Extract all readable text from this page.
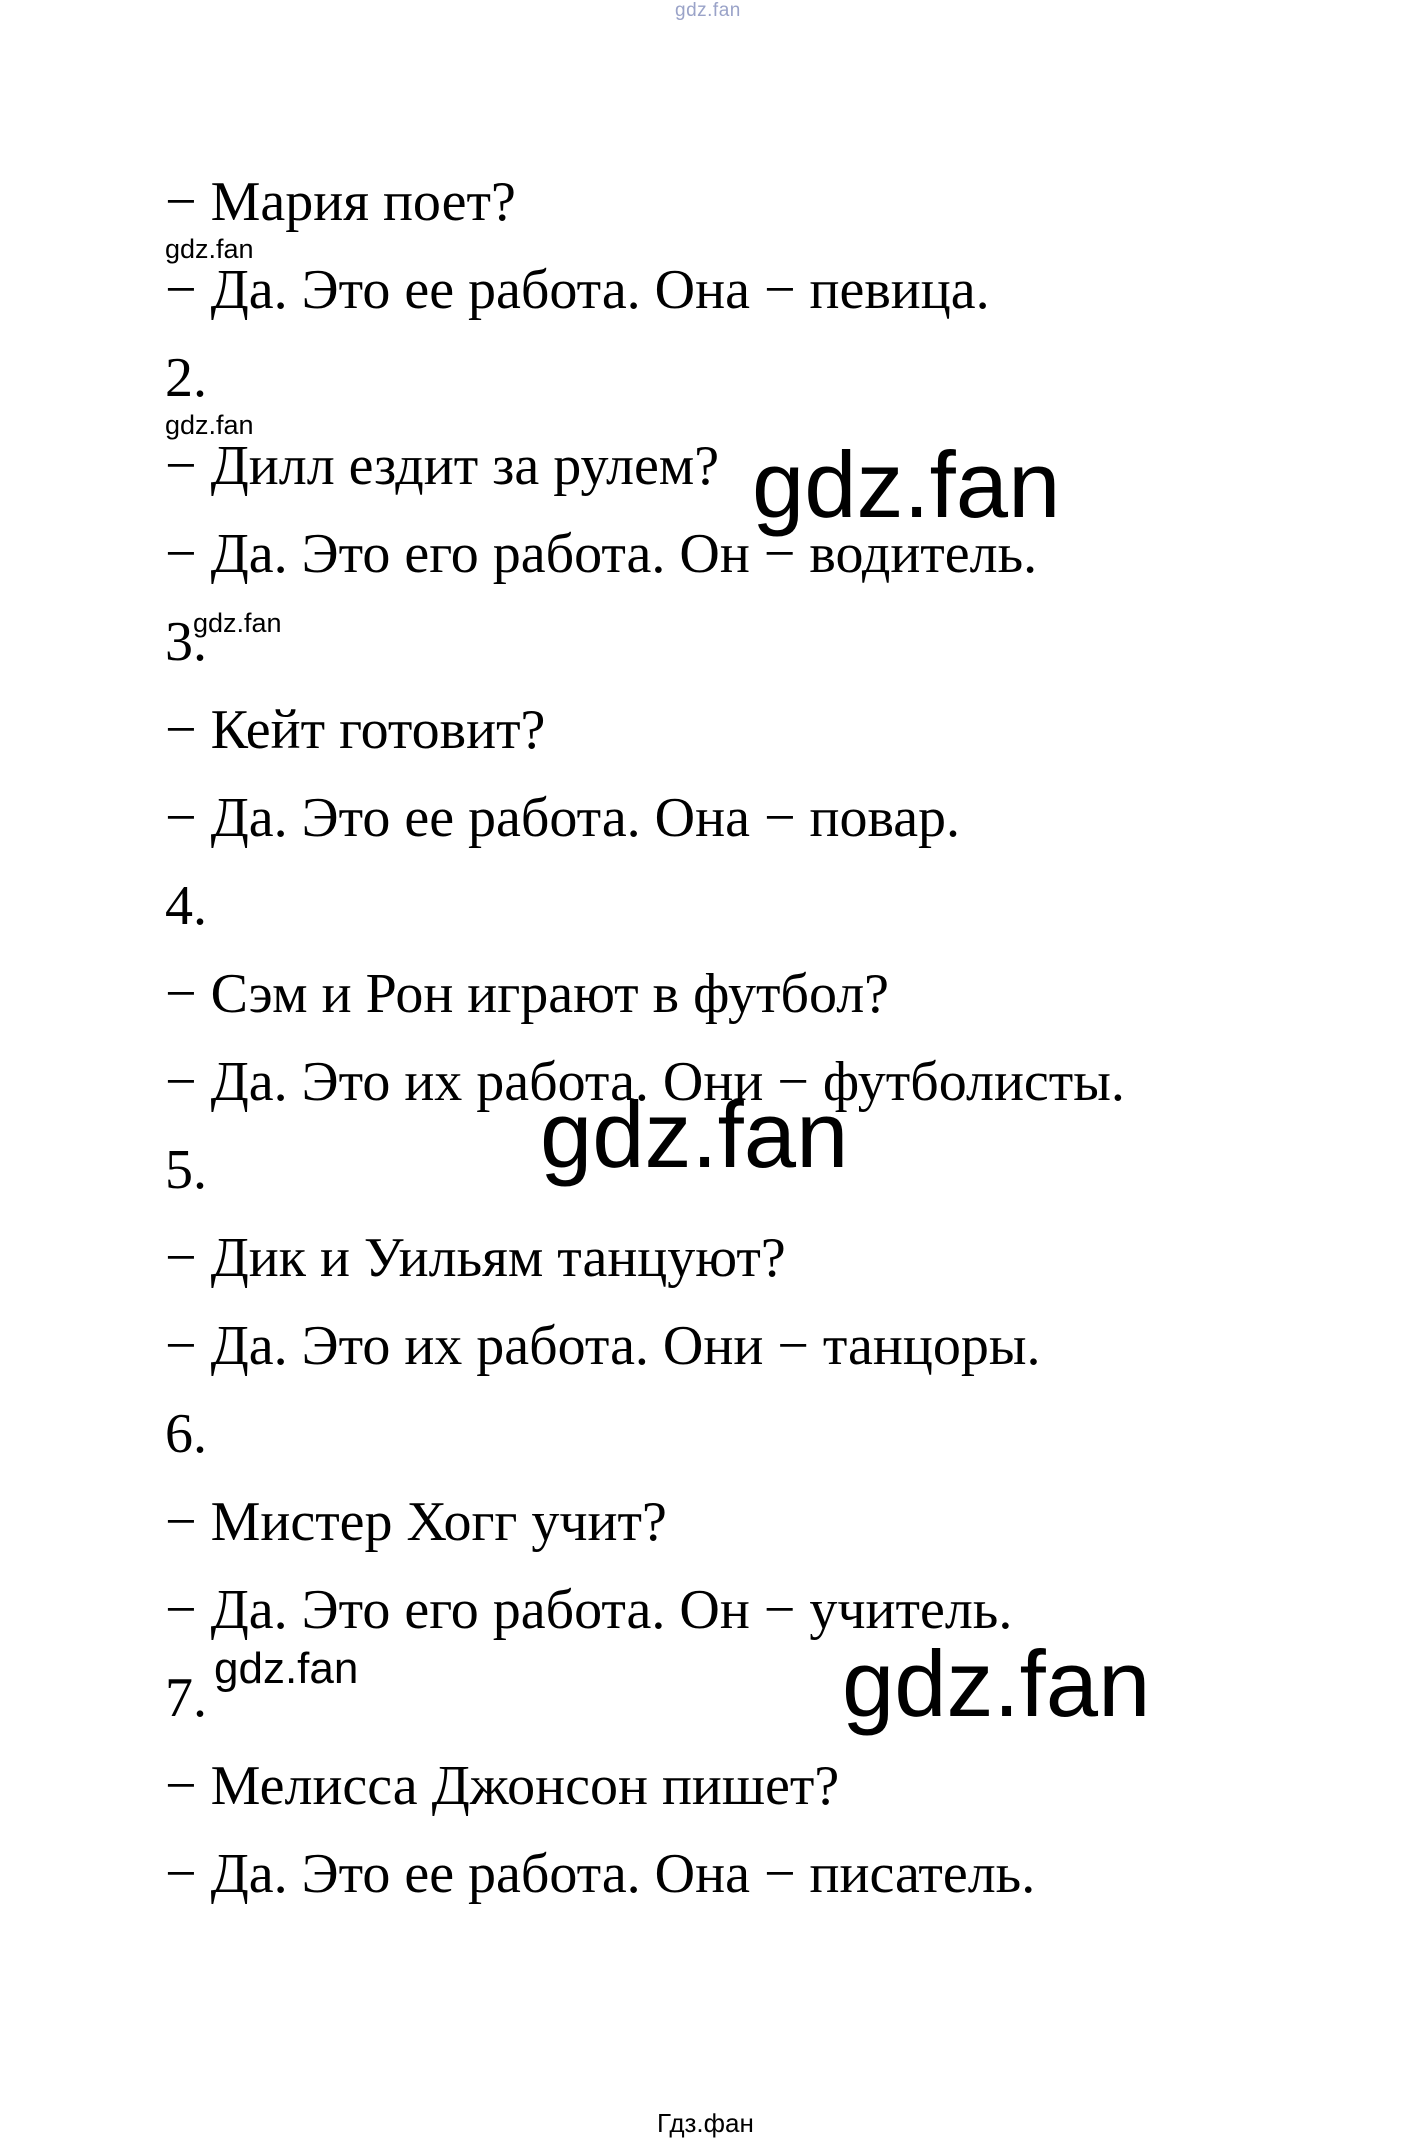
gdz.fan
− Мария поет?
− Да. Это ее работа. Она − певица.
2.
− Дилл ездит за рулем?
− Да. Это его работа. Он − водитель.
3.
− Кейт готовит?
− Да. Это ее работа. Она − повар.
4.
− Сэм и Рон играют в футбол?
− Да. Это их работа. Они − футболисты.
5.
− Дик и Уильям танцуют?
− Да. Это их работа. Они − танцоры.
6.
− Мистер Хогг учит?
− Да. Это его работа. Он − учитель.
7.
− Мелисса Джонсон пишет?
− Да. Это ее работа. Она − писатель.
gdz.fan
gdz.fan
gdz.fan
gdz.fan
gdz.fan
gdz.fan
gdz.fan
Гдз.фан
